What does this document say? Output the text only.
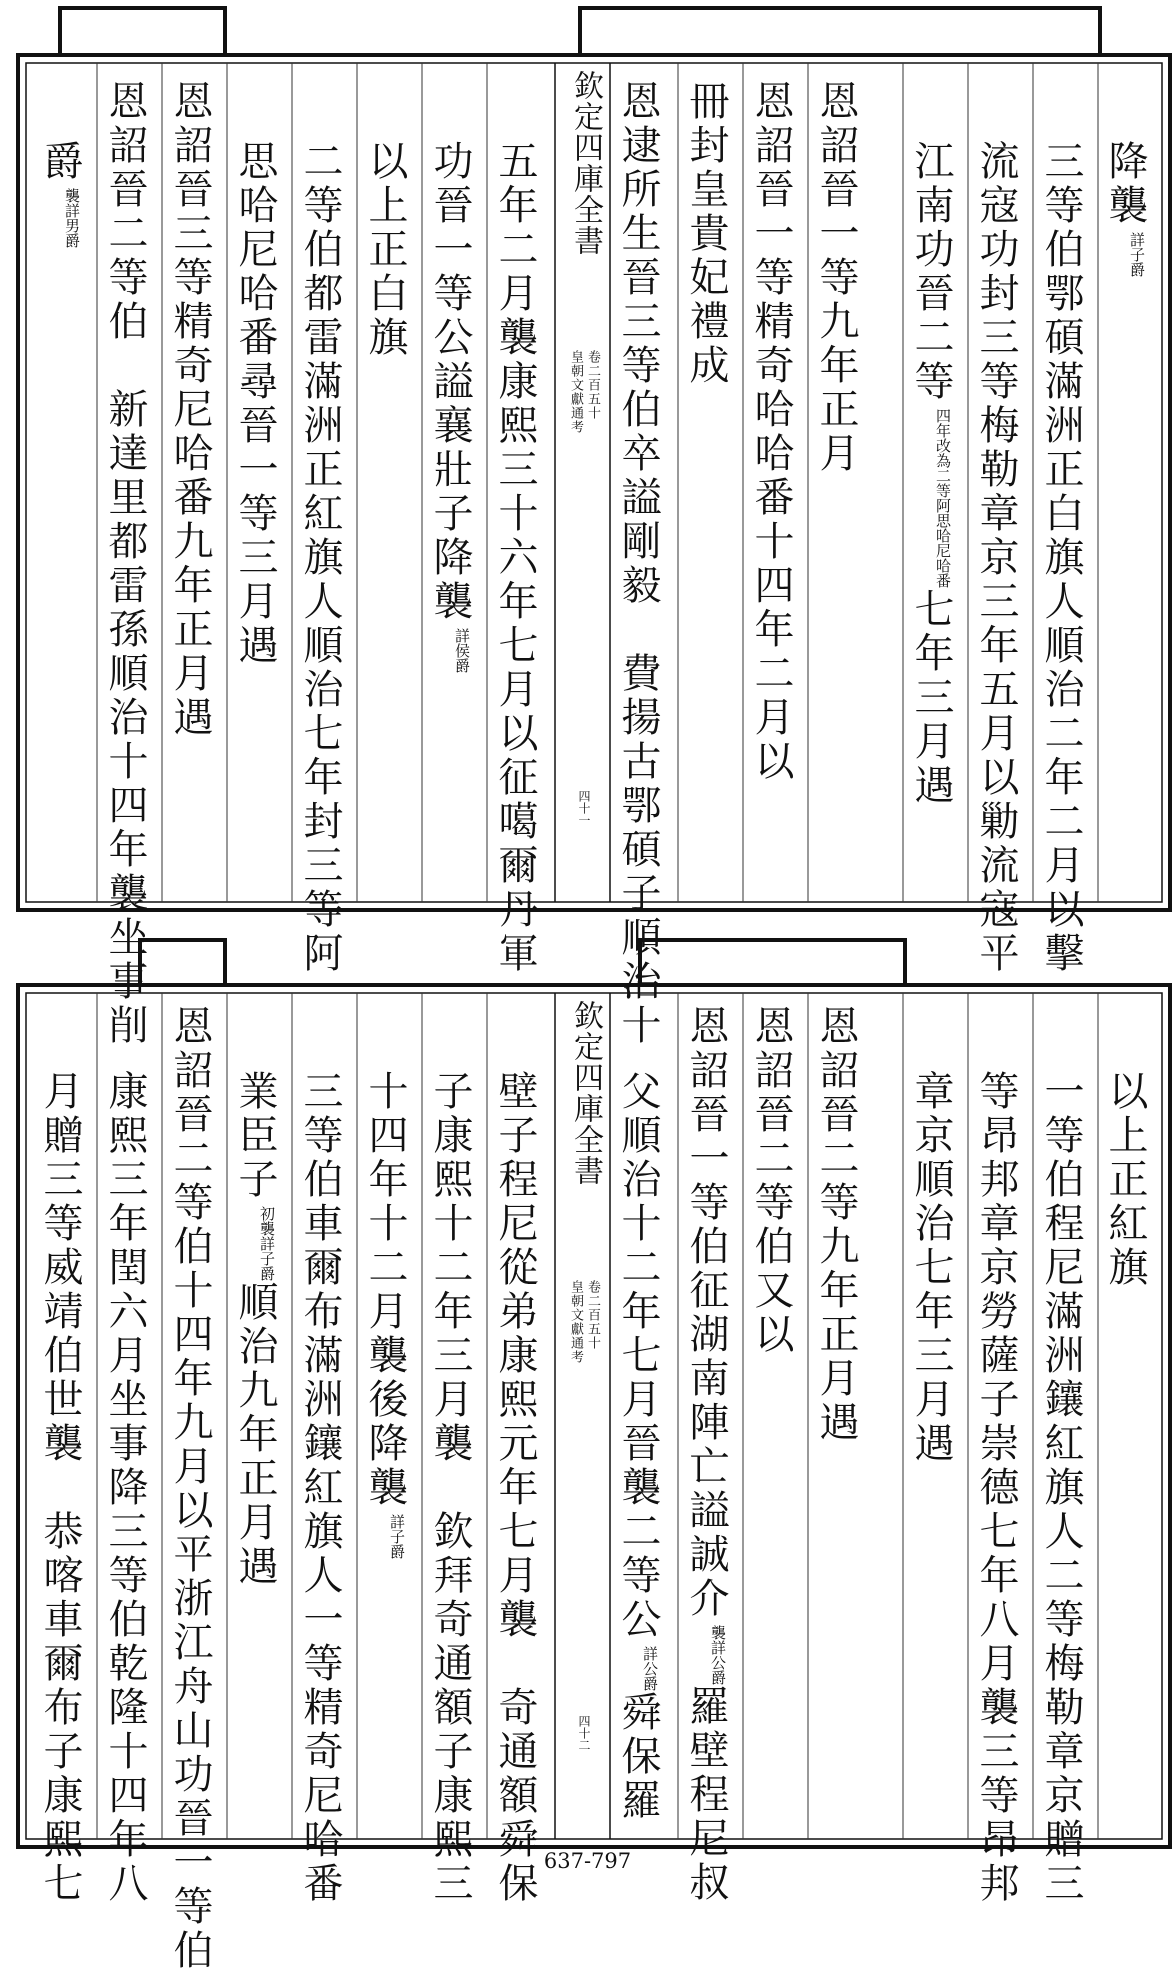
欽定四庫全書
皇朝文獻通考 卷二百五十
四十一
降襲詳子爵
三等伯鄂碩滿洲正白旗人順治二年二月以擊
流寇功封三等梅勒章京三年五月以勦流寇平
江南功晉二等四年改為二等阿思哈尼哈番七年三月遇
恩詔晉一等九年正月
恩詔晉一等精奇哈哈番十四年二月以
冊封皇貴妃禮成
恩逮所生晉三等伯卒謚剛毅　費揚古鄂碩子順治十
五年二月襲康熙三十六年七月以征噶爾丹軍
功晉一等公謚襄壯子降襲詳侯爵
以上正白旗
二等伯都雷滿洲正紅旗人順治七年封三等阿
思哈尼哈番尋晉一等三月遇
恩詔晉三等精奇尼哈番九年正月遇
恩詔晉二等伯　新達里都雷孫順治十四年襲坐事削
爵襲詳男爵
欽定四庫全書
皇朝文獻通考 卷二百五十
四十二
以上正紅旗
一等伯程尼滿洲鑲紅旗人二等梅勒章京贈三
等昂邦章京勞薩子崇德七年八月襲三等昂邦
章京順治七年三月遇
恩詔晉二等九年正月遇
恩詔晉二等伯又以
恩詔晉一等伯征湖南陣亡謚誠介襲詳公爵羅壁程尼叔
父順治十二年七月晉襲二等公詳公爵舜保羅
壁子程尼從弟康熙元年七月襲　奇通額舜保
子康熙十二年三月襲　欽拜奇通額子康熙三
十四年十二月襲後降襲詳子爵
三等伯車爾布滿洲鑲紅旗人一等精奇尼哈番
業臣子初襲詳子爵順治九年正月遇
恩詔晉二等伯十四年九月以平浙江舟山功晉一等伯
康熙三年閏六月坐事降三等伯乾隆十四年八
月贈三等威靖伯世襲　恭喀車爾布子康熙七	637-797
